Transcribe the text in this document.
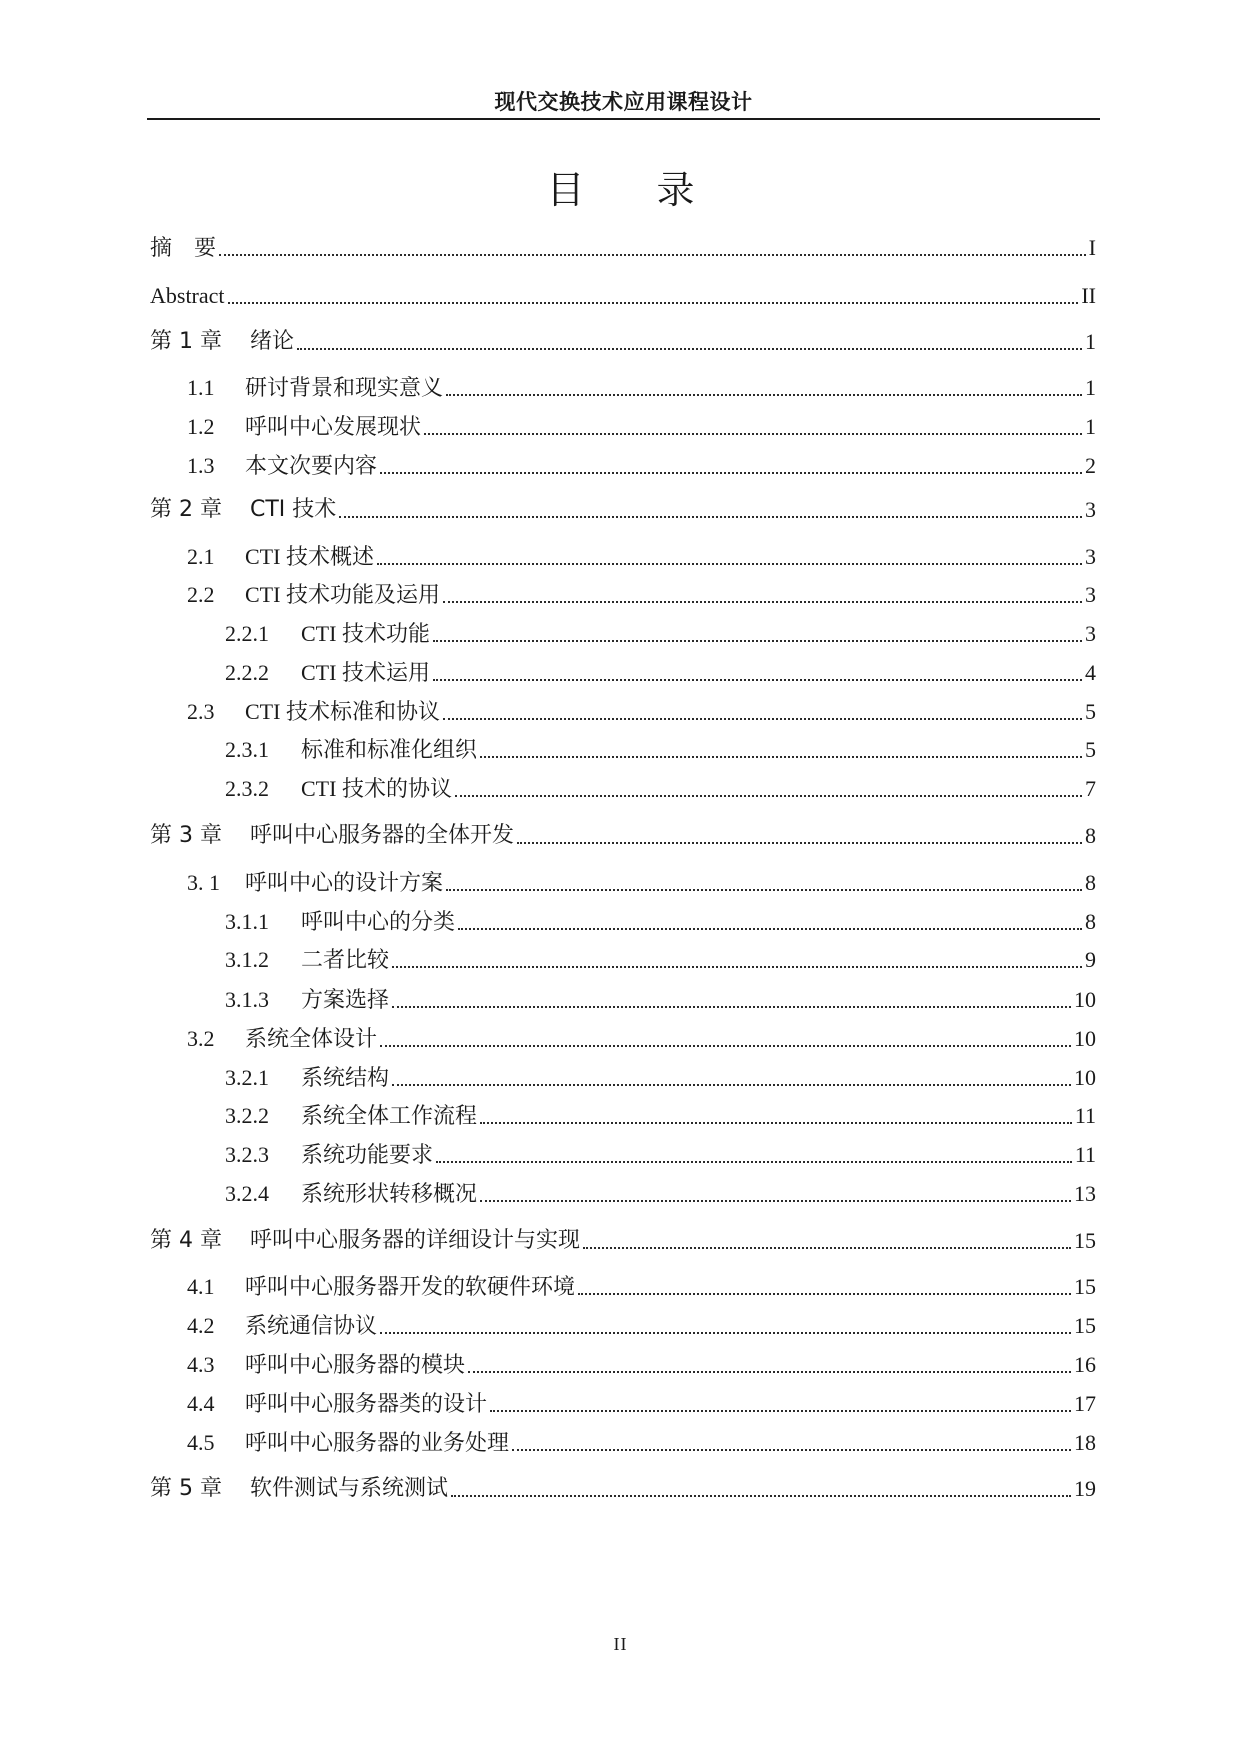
现代交换技术应用课程设计
目 录
摘　要	I
Abstract	II
第 1 章	绪论	1
1.1	研讨背景和现实意义	1
1.2	呼叫中心发展现状	1
1.3	本文次要内容	2
第 2 章	CTI 技术	3
2.1	CTI 技术概述	3
2.2	CTI 技术功能及运用	3
2.2.1	CTI 技术功能	3
2.2.2	CTI 技术运用	4
2.3	CTI 技术标准和协议	5
2.3.1	标准和标准化组织	5
2.3.2	CTI 技术的协议	7
第 3 章	呼叫中心服务器的全体开发	8
3. 1	呼叫中心的设计方案	8
3.1.1	呼叫中心的分类	8
3.1.2	二者比较	9
3.1.3	方案选择	10
3.2	系统全体设计	10
3.2.1	系统结构	10
3.2.2	系统全体工作流程	11
3.2.3	系统功能要求	11
3.2.4	系统形状转移概况	13
第 4 章	呼叫中心服务器的详细设计与实现	15
4.1	呼叫中心服务器开发的软硬件环境	15
4.2	系统通信协议	15
4.3	呼叫中心服务器的模块	16
4.4	呼叫中心服务器类的设计	17
4.5	呼叫中心服务器的业务处理	18
第 5 章	软件测试与系统测试	19
II
